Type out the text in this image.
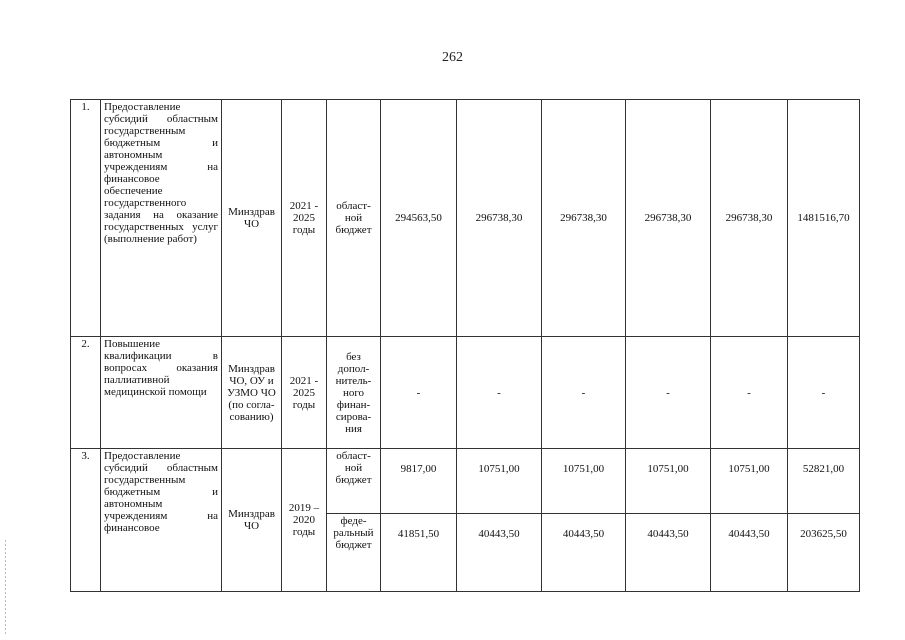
262
1.	Предоставление субсидий областным государственным бюджетным и автономным учреждениям на финансовое обеспечение государственного задания на оказание государственных услуг (выполнение работ)	Минздрав ЧО	2021 - 2025 годы	област-ной бюджет	294563,50	296738,30	296738,30	296738,30	296738,30	1481516,70
2.	Повышение квалификации в вопросах оказания паллиативной медицинской помощи	Минздрав ЧО, ОУ и УЗМО ЧО (по согла-сованию)	2021 - 2025 годы	без допол-нитель-ного финан-сирова-ния	-	-	-	-	-	-
3.	Предоставление субсидий областным государственным бюджетным и автономным учреждениям на финансовое	Минздрав ЧО	2019 – 2020 годы	област-ной бюджет	9817,00	10751,00	10751,00	10751,00	10751,00	52821,00
				феде-ральный бюджет	41851,50	40443,50	40443,50	40443,50	40443,50	203625,50
